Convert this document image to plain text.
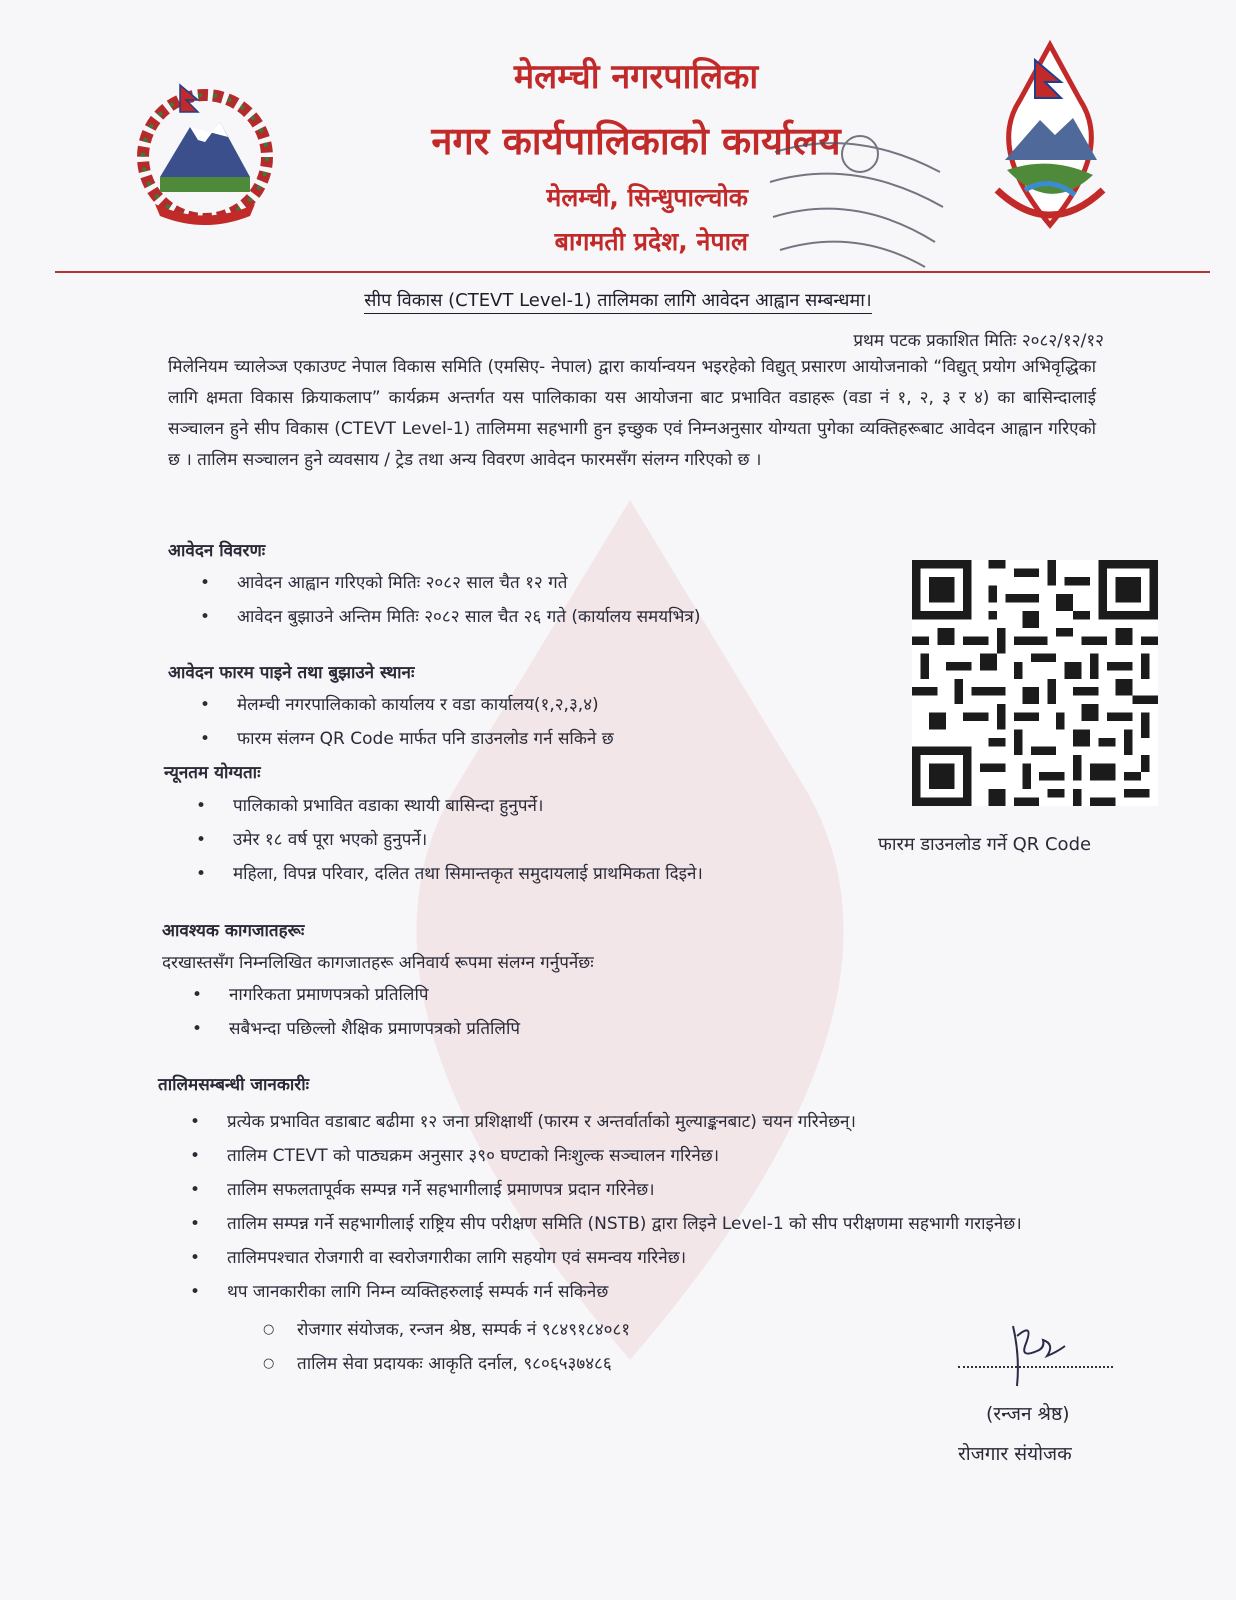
मेलम्ची नगरपालिका
नगर कार्यपालिकाको कार्यालय
मेलम्ची, सिन्धुपाल्चोक
बागमती प्रदेश, नेपाल
सीप विकास (CTEVT Level-1) तालिमका लागि आवेदन आह्वान सम्बन्धमा।
प्रथम पटक प्रकाशित मितिः २०८२/१२/१२
मिलेनियम च्यालेञ्ज एकाउण्ट नेपाल विकास समिति (एमसिए- नेपाल) द्वारा कार्यान्वयन भइरहेको विद्युत् प्रसारण आयोजनाको “विद्युत् प्रयोग अभिवृद्धिका लागि क्षमता विकास क्रियाकलाप” कार्यक्रम अन्तर्गत यस पालिकाका यस आयोजना बाट प्रभावित वडाहरू (वडा नं १, २, ३ र ४) का बासिन्दालाई सञ्चालन हुने सीप विकास (CTEVT Level-1) तालिममा सहभागी हुन इच्छुक एवं निम्नअनुसार योग्यता पुगेका व्यक्तिहरूबाट आवेदन आह्वान गरिएको छ । तालिम सञ्चालन हुने व्यवसाय / ट्रेड तथा अन्य विवरण आवेदन फारमसँग संलग्न गरिएको छ ।
आवेदन विवरणः
• आवेदन आह्वान गरिएको मितिः २०८२ साल चैत १२ गते
• आवेदन बुझाउने अन्तिम मितिः २०८२ साल चैत २६ गते (कार्यालय समयभित्र)
आवेदन फारम पाइने तथा बुझाउने स्थानः
• मेलम्ची नगरपालिकाको कार्यालय र वडा कार्यालय(१,२,३,४)
• फारम संलग्न QR Code मार्फत पनि डाउनलोड गर्न सकिने छ
फारम डाउनलोड गर्ने QR Code
न्यूनतम योग्यताः
• पालिकाको प्रभावित वडाका स्थायी बासिन्दा हुनुपर्ने।
• उमेर १८ वर्ष पूरा भएको हुनुपर्ने।
• महिला, विपन्न परिवार, दलित तथा सिमान्तकृत समुदायलाई प्राथमिकता दिइने।
आवश्यक कागजातहरूः
दरखास्तसँग निम्नलिखित कागजातहरू अनिवार्य रूपमा संलग्न गर्नुपर्नेछः
• नागरिकता प्रमाणपत्रको प्रतिलिपि
• सबैभन्दा पछिल्लो शैक्षिक प्रमाणपत्रको प्रतिलिपि
तालिमसम्बन्धी जानकारीः
• प्रत्येक प्रभावित वडाबाट बढीमा १२ जना प्रशिक्षार्थी (फारम र अन्तर्वार्ताको मुल्याङ्कनबाट) चयन गरिनेछन्।
• तालिम CTEVT को पाठ्यक्रम अनुसार ३९० घण्टाको निःशुल्क सञ्चालन गरिनेछ।
• तालिम सफलतापूर्वक सम्पन्न गर्ने सहभागीलाई प्रमाणपत्र प्रदान गरिनेछ।
• तालिम सम्पन्न गर्ने सहभागीलाई राष्ट्रिय सीप परीक्षण समिति (NSTB) द्वारा लिइने Level-1 को सीप परीक्षणमा सहभागी गराइनेछ।
• तालिमपश्चात रोजगारी वा स्वरोजगारीका लागि सहयोग एवं समन्वय गरिनेछ।
• थप जानकारीका लागि निम्न व्यक्तिहरुलाई सम्पर्क गर्न सकिनेछ
○ रोजगार संयोजक, रन्जन श्रेष्ठ, सम्पर्क नं ९८४९१८४०८१
○ तालिम सेवा प्रदायकः आकृति दर्नाल, ९८०६५३७४८६
(रन्जन श्रेष्ठ)
रोजगार संयोजक
